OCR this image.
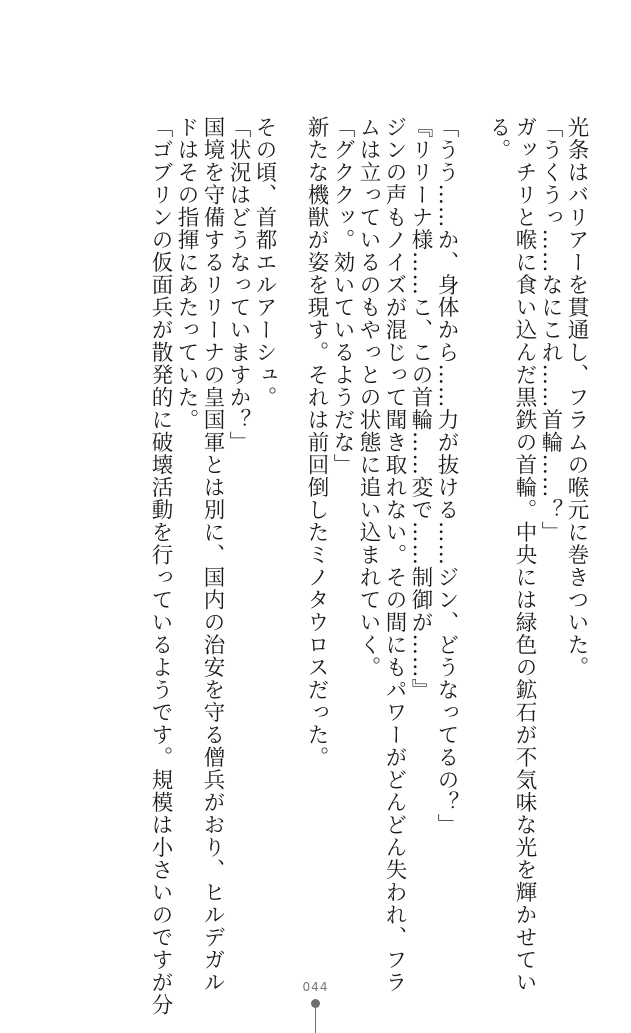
光条はバリアーを貫通し、フラムの喉元に巻きついた。
「うくうっ……なにこれ……首輪……？」
ガッチリと喉に食い込んだ黒鉄の首輪。中央には緑色の鉱石が不気味な光を輝かせてい
る。
「うう……か、身体から……力が抜ける……ジン、どうなってるの？」
『リリーナ様……こ、この首輪……変で……制御が……』
ジンの声もノイズが混じって聞き取れない。その間にもパワーがどんどん失われ、フラ
ムは立っているのもやっとの状態に追い込まれていく。
「グククッ。効いているようだな」
新たな機獣が姿を現す。それは前回倒したミノタウロスだった。
その頃、首都エルアーシュ。
「状況はどうなっていますか？」
国境を守備するリリーナの皇国軍とは別に、国内の治安を守る僧兵がおり、ヒルデガル
ドはその指揮にあたっていた。
「ゴブリンの仮面兵が散発的に破壊活動を行っているようです。規模は小さいのですが分	044
